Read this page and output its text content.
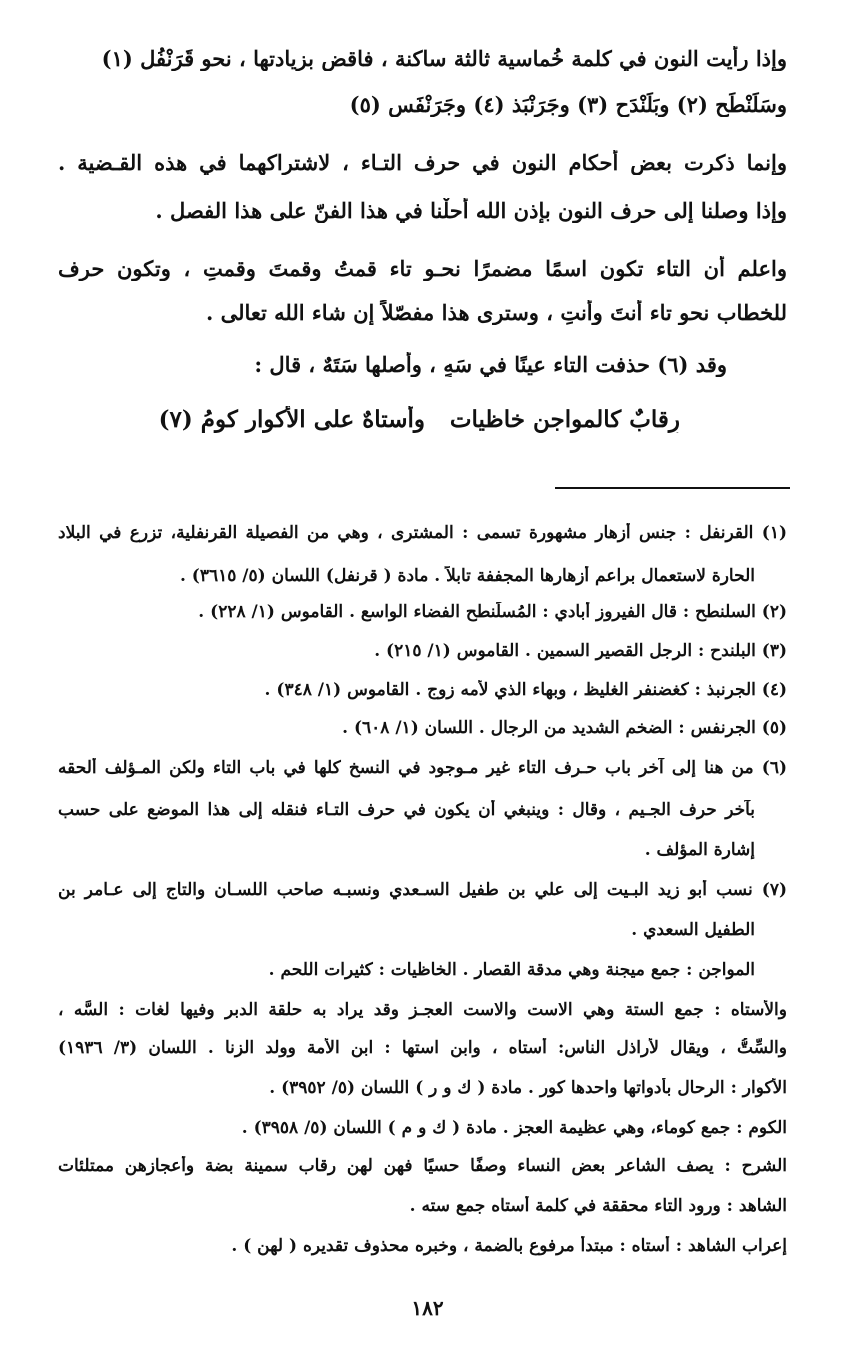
وإذا رأيت النون في كلمة خُماسية ثالثة ساكنة ، فاقض بزيادتها ، نحو قَرَنْفُل (١)
وسَلَنْطَح (٢) وبَلَنْدَح (٣) وجَرَنْبَذ (٤) وجَرَنْفَس (٥)
وإنما ذكرت بعض أحكام النون في حرف التـاء ، لاشتراكهما في هذه القـضية .
وإذا وصلنا إلى حرف النون بإذن الله أحلْنا في هذا الفنّ على هذا الفصل .
واعلم أن التاء تكون اسمًا مضمرًا نحـو تاء قمتُ وقمتَ وقمتِ ، وتكون حرف
للخطاب نحو تاء أنتَ وأنتِ ، وسترى هذا مفصّلاً إن شاء الله تعالى .
وقد (٦) حذفت التاء عينًا في سَهٍ ، وأصلها سَتَهٌ ، قال :
رِقابٌ كالمواجن خاظيات
وأستاهٌ على الأكوار كومُ (٧)
(١) القرنفل : جنس أزهار مشهورة تسمى : المشترى ، وهي من الفصيلة القرنفلية، تزرع في البلاد
الحارة لاستعمال براعم أزهارها المجففة تابلاً . مادة ( قرنفل) اللسان (٥/ ٣٦١٥) .
(٢) السلنطح : قال الفيروز أبادي : المُسلَنطح الفضاء الواسع . القاموس (١/ ٢٢٨) .
(٣) البلندح : الرجل القصير السمين . القاموس (١/ ٢١٥) .
(٤) الجرنبذ : كغضنفر الغليظ ، وبهاء الذي لأمه زوج . القاموس (١/ ٣٤٨) .
(٥) الجرنفس : الضخم الشديد من الرجال . اللسان (١/ ٦٠٨) .
(٦) من هنا إلى آخر باب حـرف التاء غير مـوجود في النسخ كلها في باب التاء ولكن المـؤلف ألحقه
بآخر حرف الجـيم ، وقال : وينبغي أن يكون في حرف التـاء فنقله إلى هذا الموضع على حسب
إشارة المؤلف .
(٧) نسب أبو زيد البـيت إلى علي بن طفيل السـعدي ونسبـه صاحب اللسـان والتاج إلى عـامر بن
الطفيل السعدي .
المواجن : جمع ميجنة وهي مدقة القصار . الخاظيات : كثيرات اللحم .
والأستاه : جمع الستة وهي الاست والاست العجـز وقد يراد به حلقة الدبر وفيها لغات : السَّه ،
والسِّتُّ ، ويقال لأراذل الناس: أستاه ، وابن استها : ابن الأمة وولد الزنا . اللسان (٣/ ١٩٣٦)
الأكوار : الرحال بأدواتها واحدها كور . مادة ( ك و ر ) اللسان (٥/ ٣٩٥٢) .
الكوم : جمع كوماء، وهي عظيمة العجز . مادة ( ك و م ) اللسان (٥/ ٣٩٥٨) .
الشرح : يصف الشاعر بعض النساء وصفًا حسيًا فهن لهن رقاب سمينة بضة وأعجازهن ممتلئات
الشاهد : ورود التاء محققة في كلمة أستاه جمع سته .
إعراب الشاهد : أستاه : مبتدأ مرفوع بالضمة ، وخبره محذوف تقديره ( لهن ) .
١٨٢
